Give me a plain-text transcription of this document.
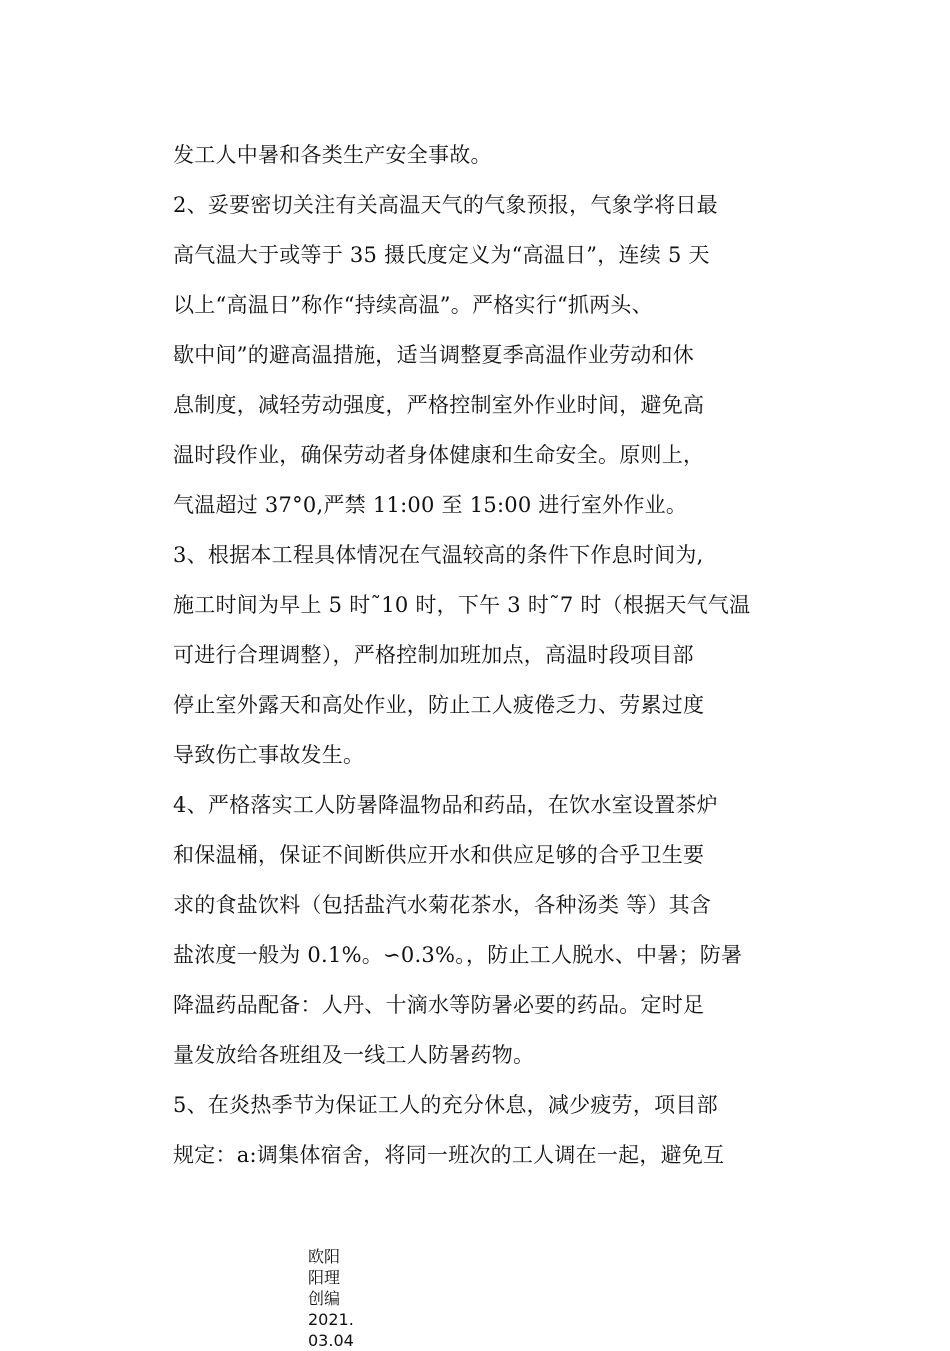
发工人中暑和各类生产安全事故。
2、妥要密切关注有关高温天气的气象预报，气象学将日最
高气温大于或等于 35 摄氏度定义为“高温日”，连续 5 天
以上“高温日”称作“持续高温”。严格实行“抓两头、
歇中间”的避高温措施，适当调整夏季高温作业劳动和休
息制度，减轻劳动强度，严格控制室外作业时间，避免高
温时段作业，确保劳动者身体健康和生命安全。原则上，
气温超过 37°0,严禁 11:00 至 15:00 进行室外作业。
3、根据本工程具体情况在气温较高的条件下作息时间为,
施工时间为早上 5 时˜10 时，下午 3 时˜7 时（根据天气气温
可进行合理调整），严格控制加班加点，高温时段项目部
停止室外露天和高处作业，防止工人疲倦乏力、劳累过度
导致伤亡事故发生。
4、严格落实工人防暑降温物品和药品，在饮水室设置茶炉
和保温桶，保证不间断供应开水和供应足够的合乎卫生要
求的食盐饮料（包括盐汽水菊花茶水，各种汤类 等）其含
盐浓度一般为 0.1%。∽0.3%。，防止工人脱水、中暑；防暑
降温药品配备：人丹、十滴水等防暑必要的药品。定时足
量发放给各班组及一线工人防暑药物。
5、在炎热季节为保证工人的充分休息，减少疲劳，项目部
规定：a:调集体宿舍，将同一班次的工人调在一起，避免互
欧阳
阳理
创编
2021.
03.04
